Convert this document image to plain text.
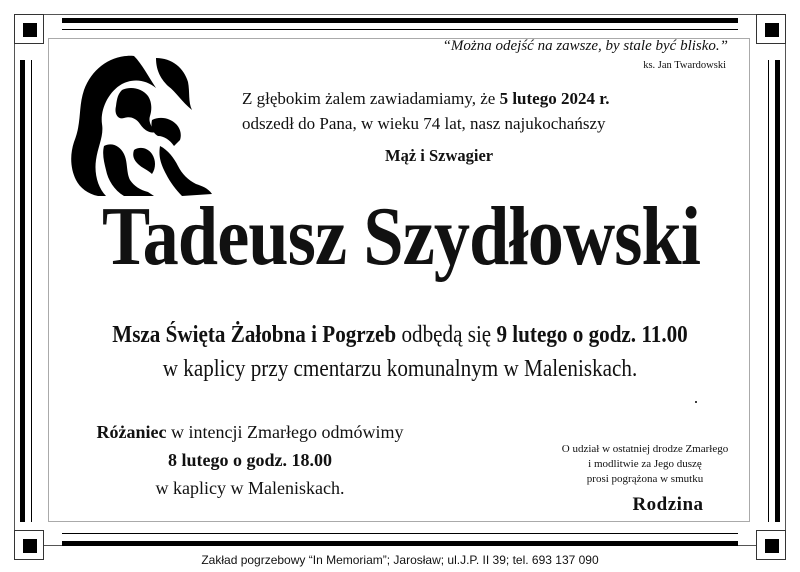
“Można odejść na zawsze, by stale być blisko.”
ks. Jan Twardowski
Z głębokim żalem zawiadamiamy, że 5 lutego 2024 r.
odszedł do Pana, w wieku 74 lat, nasz najukochańszy
Mąż i Szwagier
Tadeusz Szydłowski
Msza Święta Żałobna i Pogrzeb odbędą się 9 lutego o godz. 11.00
w kaplicy przy cmentarzu komunalnym w Maleniskach.
Różaniec w intencji Zmarłego odmówimy
8 lutego o godz. 18.00
w kaplicy w Maleniskach.
O udział w ostatniej drodze Zmarłego
i modlitwie za Jego duszę
prosi pogrążona w smutku
Rodzina
Zakład pogrzebowy “In Memoriam”; Jarosław; ul.J.P. II 39; tel. 693 137 090
